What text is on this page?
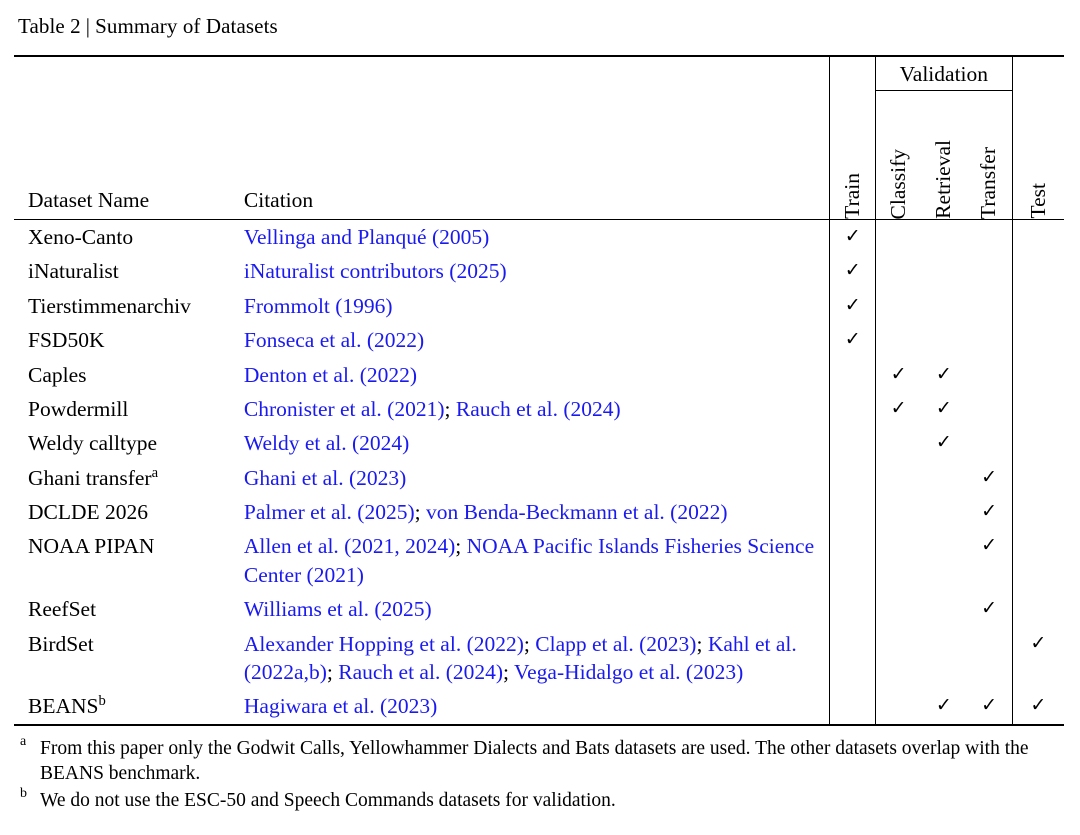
Table 2 | Summary of Datasets

			Validation			

Dataset Name	Citation	Train	Classify	Retrieval	Transfer	Test

Xeno-Canto	Vellinga and Planqué (2005)	✓				
iNaturalist	iNaturalist contributors (2025)	✓				
Tierstimmenarchiv	Frommolt (1996)	✓				
FSD50K	Fonseca et al. (2022)	✓				
Caples	Denton et al. (2022)		✓	✓		
Powdermill	Chronister et al. (2021); Rauch et al. (2024)		✓	✓		
Weldy calltype	Weldy et al. (2024)			✓		
Ghani transfer$^a$	Ghani et al. (2023)				✓	
DCLDE 2026	Palmer et al. (2025); von Benda-Beckmann et al. (2022)				✓	
NOAA PIPAN	Allen et al. (2021, 2024); NOAA Pacific Islands Fisheries Science Center (2021)				✓	
ReefSet	Williams et al. (2025)				✓	
BirdSet	Alexander Hopping et al. (2022); Clapp et al. (2023); Kahl et al. (2022a,b); Rauch et al. (2024); Vega-Hidalgo et al. (2023)					✓
BEANS$^b$	Hagiwara et al. (2023)			✓	✓	✓

a From this paper only the Godwit Calls, Yellowhammer Dialects and Bats datasets are used. The other datasets overlap with the BEANS benchmark.
b We do not use the ESC-50 and Speech Commands datasets for validation.
